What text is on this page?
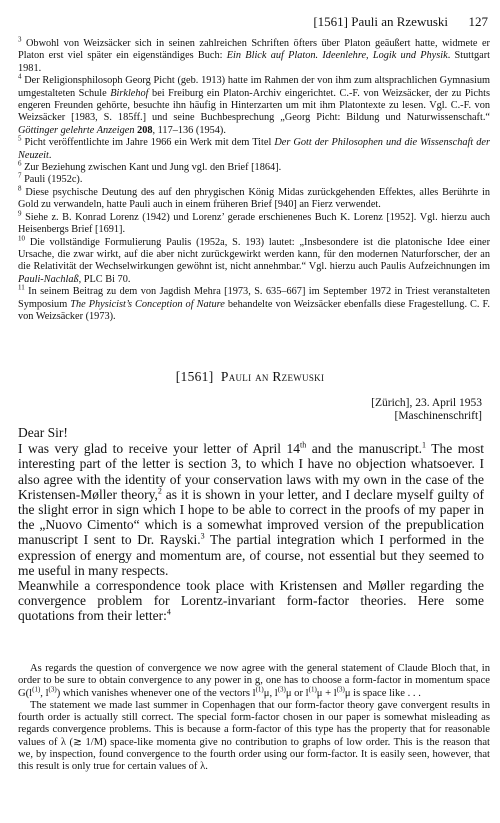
[1561] Pauli an Rzewuski 127

$^3$ Obwohl von Weizsäcker sich in seinen zahlreichen Schriften öfters über Platon geäußert hatte, widmete er Platon erst viel später ein eigenständiges Buch: Ein Blick auf Platon. Ideenlehre, Logik und Physik. Stuttgart 1981.

$^4$ Der Religionsphilosoph Georg Picht (geb. 1913) hatte im Rahmen der von ihm zum altsprachlichen Gymnasium umgestalteten Schule Birklehof bei Freiburg ein Platon-Archiv eingerichtet. C.-F. von Weizsäcker, der zu Pichts engeren Freunden gehörte, besuchte ihn häufig in Hinterzarten um mit ihm Platontexte zu lesen. Vgl. C.-F. von Weizsäcker [1983, S. 185ff.] und seine Buchbesprechung „Georg Picht: Bildung und Naturwissenschaft.“ Göttinger gelehrte Anzeigen 208, 117–136 (1954).

$^5$ Picht veröffentlichte im Jahre 1966 ein Werk mit dem Titel Der Gott der Philosophen und die Wissenschaft der Neuzeit.

$^6$ Zur Beziehung zwischen Kant und Jung vgl. den Brief [1864].

$^7$ Pauli (1952c).

$^8$ Diese psychische Deutung des auf den phrygischen König Midas zurückgehenden Effektes, alles Berührte in Gold zu verwandeln, hatte Pauli auch in einem früheren Brief [940] an Fierz verwendet.

$^9$ Siehe z. B. Konrad Lorenz (1942) und Lorenz’ gerade erschienenes Buch K. Lorenz [1952]. Vgl. hierzu auch Heisenbergs Brief [1691].

$^{10}$ Die vollständige Formulierung Paulis (1952a, S. 193) lautet: „Insbesondere ist die platonische Idee einer Ursache, die zwar wirkt, auf die aber nicht zurückgewirkt werden kann, für den modernen Naturforscher, der an die Relativität der Wechselwirkungen gewöhnt ist, nicht annehmbar.“ Vgl. hierzu auch Paulis Aufzeichnungen im Pauli-Nachlaß, PLC Bi 70.

$^{11}$ In seinem Beitrag zu dem von Jagdish Mehra [1973, S. 635–667] im September 1972 in Triest veranstalteten Symposium The Physicist’s Conception of Nature behandelte von Weizsäcker ebenfalls diese Fragestellung. C. F. von Weizsäcker (1973).

[1561] Pauli an Rzewuski
[Zürich], 23. April 1953
[Maschinenschrift]

Dear Sir!

I was very glad to receive your letter of April 14th and the manuscript.$^1$ The most interesting part of the letter is section 3, to which I have no objection whatsoever. I also agree with the identity of your conservation laws with my own in the case of the Kristensen-Møller theory,$^2$ as it is shown in your letter, and I declare myself guilty of the slight error in sign which I hope to be able to correct in the proofs of my paper in the „Nuovo Cimento“ which is a somewhat improved version of the prepublication manuscript I sent to Dr. Rayski.$^3$ The partial integration which I performed in the expression of energy and momentum are, of course, not essential but they seemed to me useful in many respects.

Meanwhile a correspondence took place with Kristensen and Møller regarding the convergence problem for Lorentz-invariant form-factor theories. Here some quotations from their letter:$^4$

As regards the question of convergence we now agree with the general statement of Claude Bloch that, in order to be sure to obtain convergence to any power in g, one has to choose a form-factor in momentum space $G(l^{(1)}$, $l^{(3)}$) which vanishes whenever one of the vectors $l^{(1)}\mu$, $l^{(3)}\mu$ or $l^{(1)}\mu + l^{(3)}\mu$ is space like . . .

The statement we made last summer in Copenhagen that our form-factor theory gave convergent results in fourth order is actually still correct. The special form-factor chosen in our paper is somewhat misleading as regards convergence problems. This is because a form-factor of this type has the property that for reasonable values of λ (≳ 1/M) space-like momenta give no contribution to graphs of low order. This is the reason that we, by inspection, found convergence to the fourth order using our form-factor. It is easily seen, however, that this result is only true for certain values of λ.
